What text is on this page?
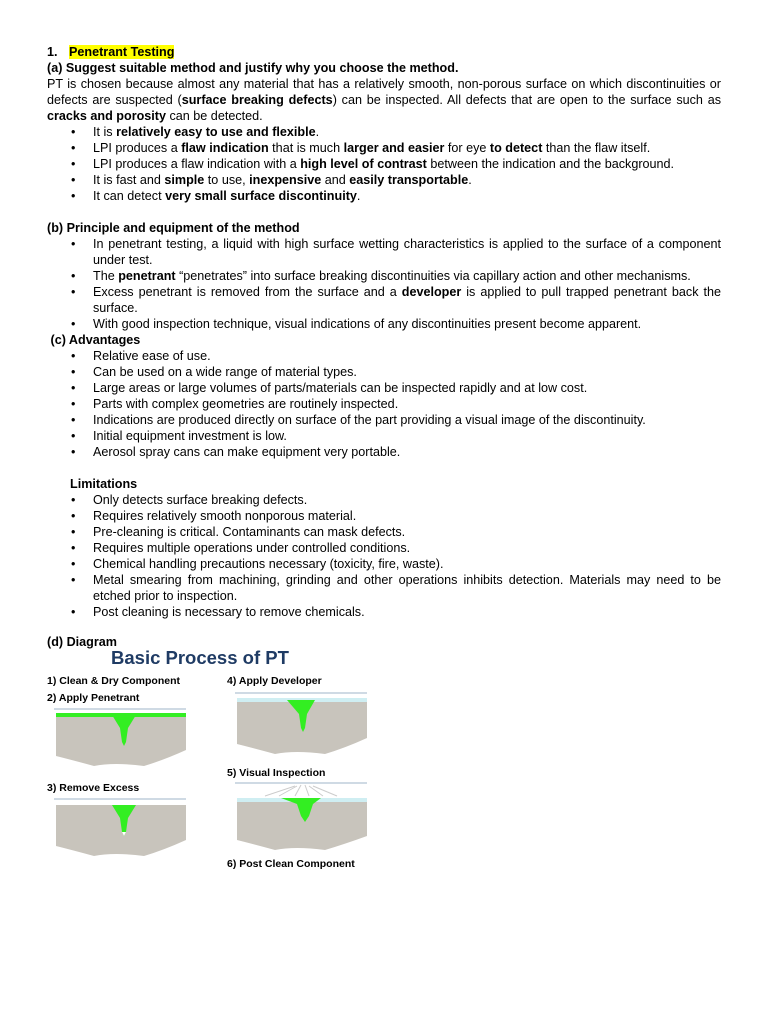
1. Penetrant Testing
(a) Suggest suitable method and justify why you choose the method.
PT is chosen because almost any material that has a relatively smooth, non-porous surface on which discontinuities or defects are suspected (surface breaking defects) can be inspected. All defects that are open to the surface such as cracks and porosity can be detected.
• It is relatively easy to use and flexible.
• LPI produces a flaw indication that is much larger and easier for eye to detect than the flaw itself.
• LPI produces a flaw indication with a high level of contrast between the indication and the background.
• It is fast and simple to use, inexpensive and easily transportable.
• It can detect very small surface discontinuity.
(b) Principle and equipment of the method
• In penetrant testing, a liquid with high surface wetting characteristics is applied to the surface of a component under test.
• The penetrant “penetrates” into surface breaking discontinuities via capillary action and other mechanisms.
• Excess penetrant is removed from the surface and a developer is applied to pull trapped penetrant back the surface.
• With good inspection technique, visual indications of any discontinuities present become apparent.
(c) Advantages
• Relative ease of use.
• Can be used on a wide range of material types.
• Large areas or large volumes of parts/materials can be inspected rapidly and at low cost.
• Parts with complex geometries are routinely inspected.
• Indications are produced directly on surface of the part providing a visual image of the discontinuity.
• Initial equipment investment is low.
• Aerosol spray cans can make equipment very portable.
Limitations
• Only detects surface breaking defects.
• Requires relatively smooth nonporous material.
• Pre-cleaning is critical. Contaminants can mask defects.
• Requires multiple operations under controlled conditions.
• Chemical handling precautions necessary (toxicity, fire, waste).
• Metal smearing from machining, grinding and other operations inhibits detection. Materials may need to be etched prior to inspection.
• Post cleaning is necessary to remove chemicals.
(d) Diagram
Basic Process of PT
1) Clean & Dry Component
2) Apply Penetrant
3) Remove Excess
4) Apply Developer
5) Visual Inspection
6) Post Clean Component
